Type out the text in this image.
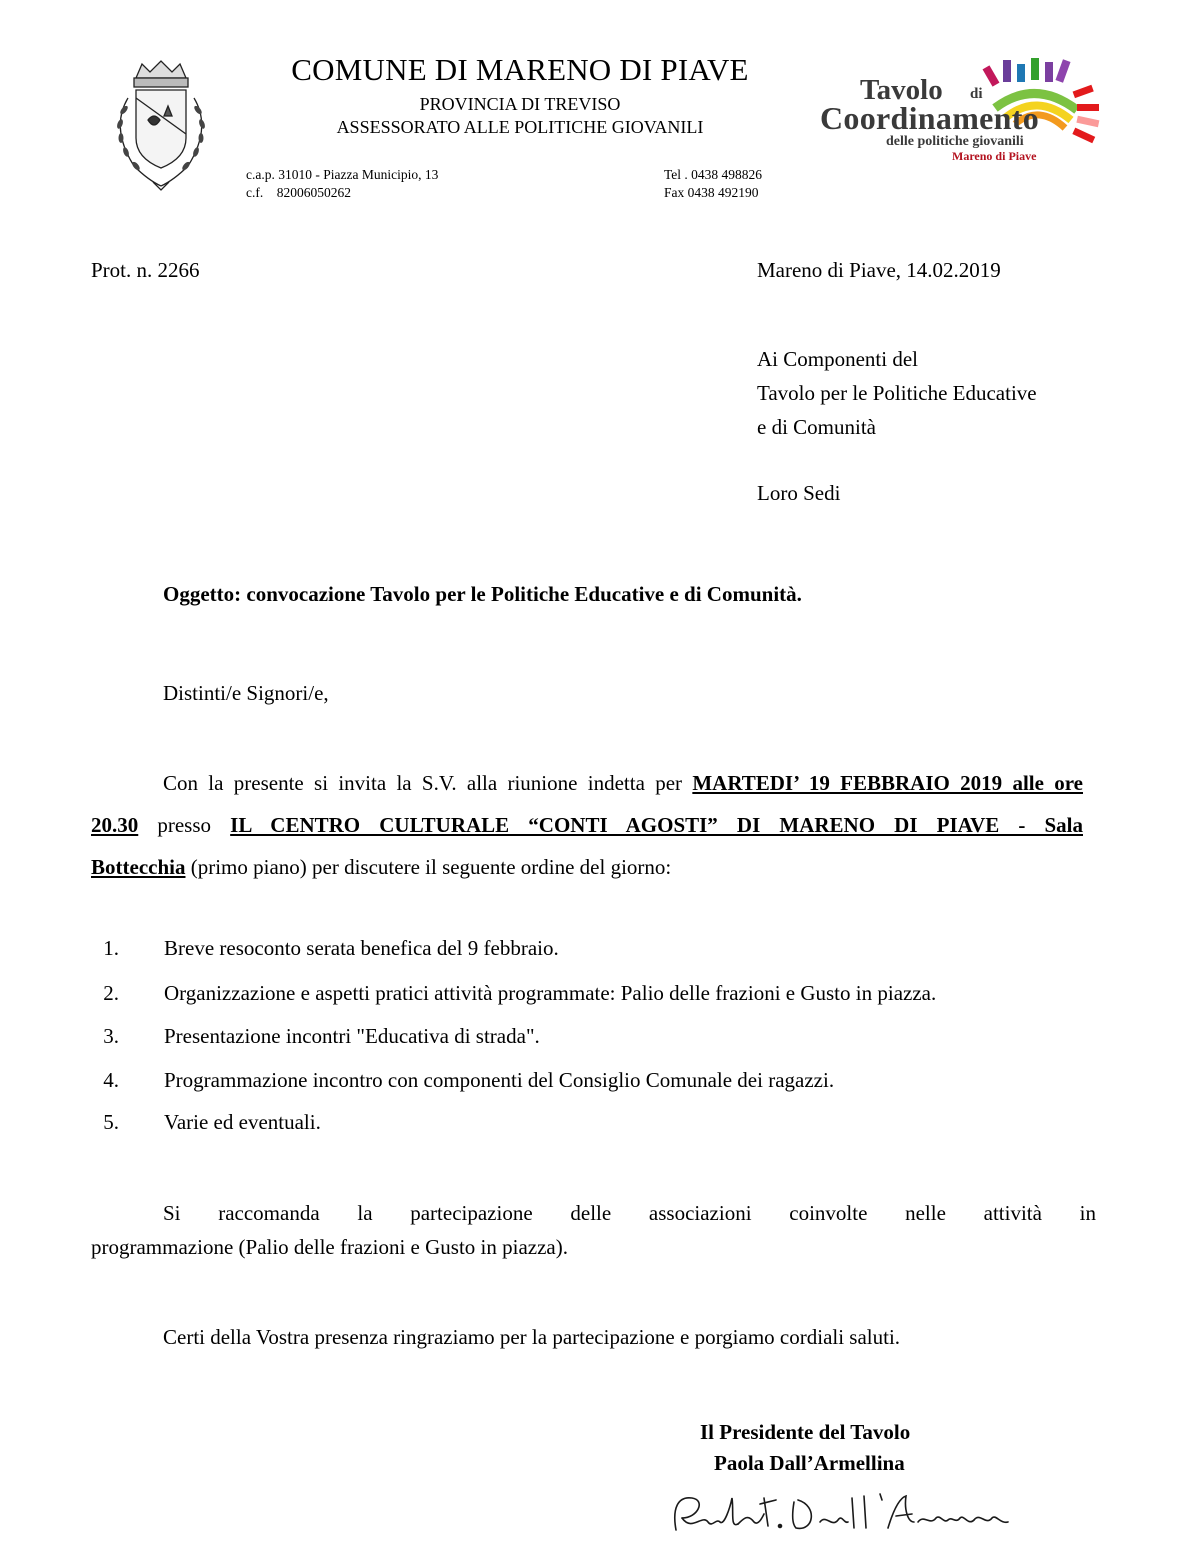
COMUNE DI MARENO DI PIAVE
PROVINCIA DI TREVISO
ASSESSORATO ALLE POLITICHE GIOVANILI
c.a.p. 31010 - Piazza Municipio, 13
c.f.    82006050262
Tel . 0438 498826
Fax 0438 492190
Tavolo di
Coordinamento
delle politiche giovanili
Mareno di Piave
Prot. n. 2266	Mareno di Piave, 14.02.2019
Ai Componenti del
Tavolo per le Politiche Educative
e di Comunità
Loro Sedi
Oggetto: convocazione Tavolo per le Politiche Educative e di Comunità.
Distinti/e Signori/e,
Con la presente si invita la S.V. alla riunione indetta per MARTEDI’ 19 FEBBRAIO 2019 alle ore
20.30 presso IL CENTRO CULTURALE “CONTI AGOSTI” DI MARENO DI PIAVE - Sala
Bottecchia (primo piano) per discutere il seguente ordine del giorno:
1. Breve resoconto serata benefica del 9 febbraio.
2. Organizzazione e aspetti pratici attività programmate: Palio delle frazioni e Gusto in piazza.
3. Presentazione incontri "Educativa di strada".
4. Programmazione incontro con componenti del Consiglio Comunale dei ragazzi.
5. Varie ed eventuali.
Si raccomanda la partecipazione delle associazioni coinvolte nelle attività in
programmazione (Palio delle frazioni e Gusto in piazza).
Certi della Vostra presenza ringraziamo per la partecipazione e porgiamo cordiali saluti.
Il Presidente del Tavolo
Paola Dall’Armellina
